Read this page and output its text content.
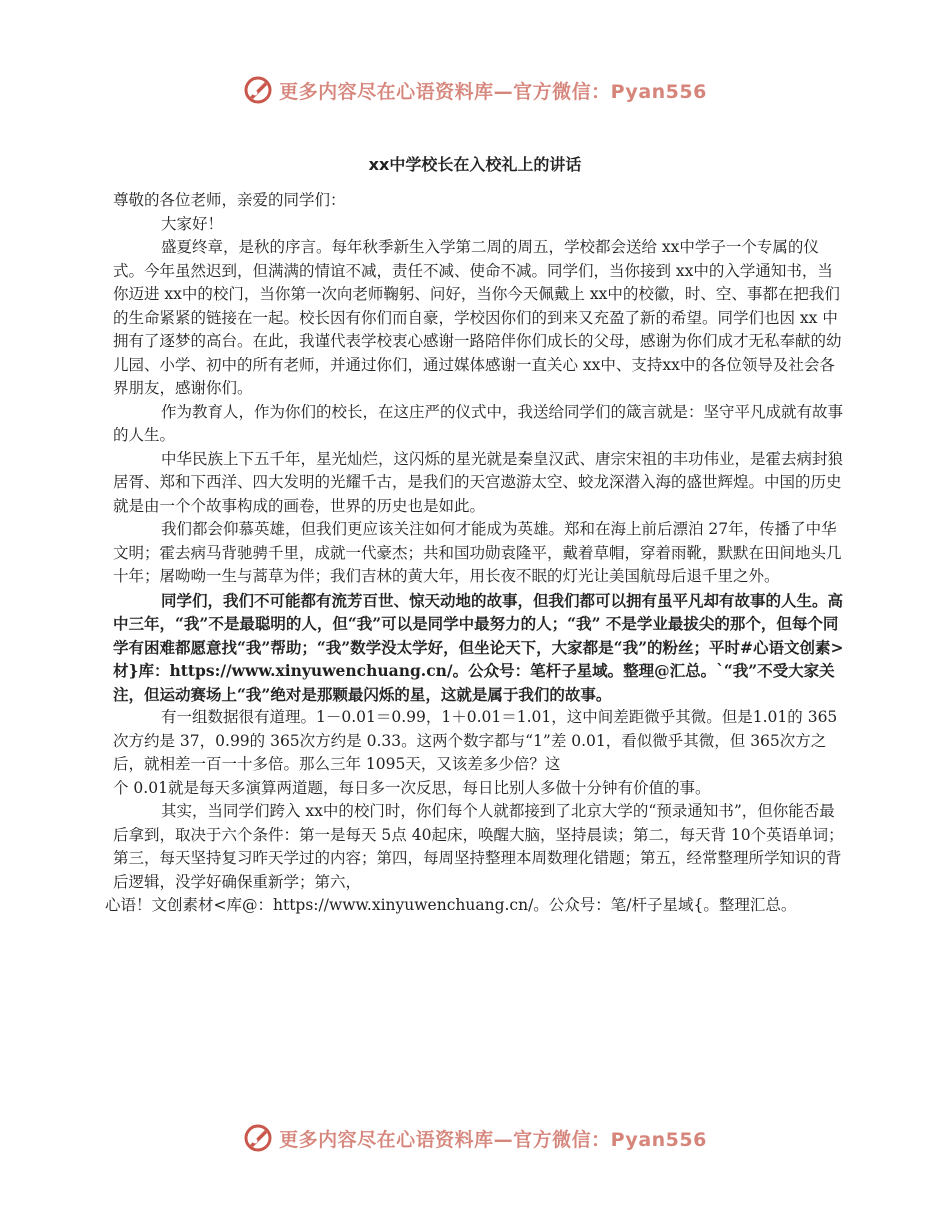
更多内容尽在心语资料库—官方微信：Pyan556
xx中学校长在入校礼上的讲话

尊敬的各位老师，亲爱的同学们：

大家好！

盛夏终章，是秋的序言。每年秋季新生入学第二周的周五，学校都会送给 xx中学子一个专属的仪式。今年虽然迟到，但满满的情谊不减，责任不减、使命不减。同学们，当你接到 xx中的入学通知书，当你迈进 xx中的校门，当你第一次向老师鞠躬、问好，当你今天佩戴上 xx中的校徽，时、空、事都在把我们的生命紧紧的链接在一起。校长因有你们而自豪，学校因你们的到来又充盈了新的希望。同学们也因 xx 中拥有了逐梦的高台。在此，我谨代表学校衷心感谢一路陪伴你们成长的父母，感谢为你们成才无私奉献的幼儿园、小学、初中的所有老师，并通过你们，通过媒体感谢一直关心 xx中、支持xx中的各位领导及社会各界朋友，感谢你们。

作为教育人，作为你们的校长，在这庄严的仪式中，我送给同学们的箴言就是：坚守平凡成就有故事的人生。

中华民族上下五千年，星光灿烂，这闪烁的星光就是秦皇汉武、唐宗宋祖的丰功伟业，是霍去病封狼居胥、郑和下西洋、四大发明的光耀千古，是我们的天宫遨游太空、蛟龙深潜入海的盛世辉煌。中国的历史就是由一个个故事构成的画卷，世界的历史也是如此。

我们都会仰慕英雄，但我们更应该关注如何才能成为英雄。郑和在海上前后漂泊 27年，传播了中华文明；霍去病马背驰骋千里，成就一代豪杰；共和国功勋袁隆平，戴着草帽，穿着雨靴，默默在田间地头几十年；屠呦呦一生与蒿草为伴；我们吉林的黄大年，用长夜不眠的灯光让美国航母后退千里之外。

同学们，我们不可能都有流芳百世、惊天动地的故事，但我们都可以拥有虽平凡却有故事的人生。高中三年，“我”不是最聪明的人，但“我”可以是同学中最努力的人；“我” 不是学业最拔尖的那个，但每个同学有困难都愿意找“我”帮助；“我”数学没太学好，但坐论天下，大家都是“我”的粉丝；平时#心语文创素>材}库：https://www.xinyuwenchuang.cn/。公众号：笔杆子星域。整理@汇总。`“我”不受大家关注，但运动赛场上“我”绝对是那颗最闪烁的星，这就是属于我们的故事。

有一组数据很有道理。1－0.01＝0.99，1＋0.01＝1.01，这中间差距微乎其微。但是1.01的 365次方约是 37，0.99的 365次方约是 0.33。这两个数字都与“1”差 0.01，看似微乎其微，但 365次方之后，就相差一百一十多倍。那么三年 1095天，又该差多少倍？这

个 0.01就是每天多演算两道题，每日多一次反思，每日比别人多做十分钟有价值的事。

其实，当同学们跨入 xx中的校门时，你们每个人就都接到了北京大学的“预录通知书”，但你能否最后拿到，取决于六个条件：第一是每天 5点 40起床，唤醒大脑，坚持晨读；第二，每天背 10个英语单词；第三，每天坚持复习昨天学过的内容；第四，每周坚持整理本周数理化错题；第五，经常整理所学知识的背后逻辑，没学好确保重新学；第六，

心语！文创素材<库@：https://www.xinyuwenchuang.cn/。公众号：笔/杆子星域{。整理汇总。

更多内容尽在心语资料库—官方微信：Pyan556
